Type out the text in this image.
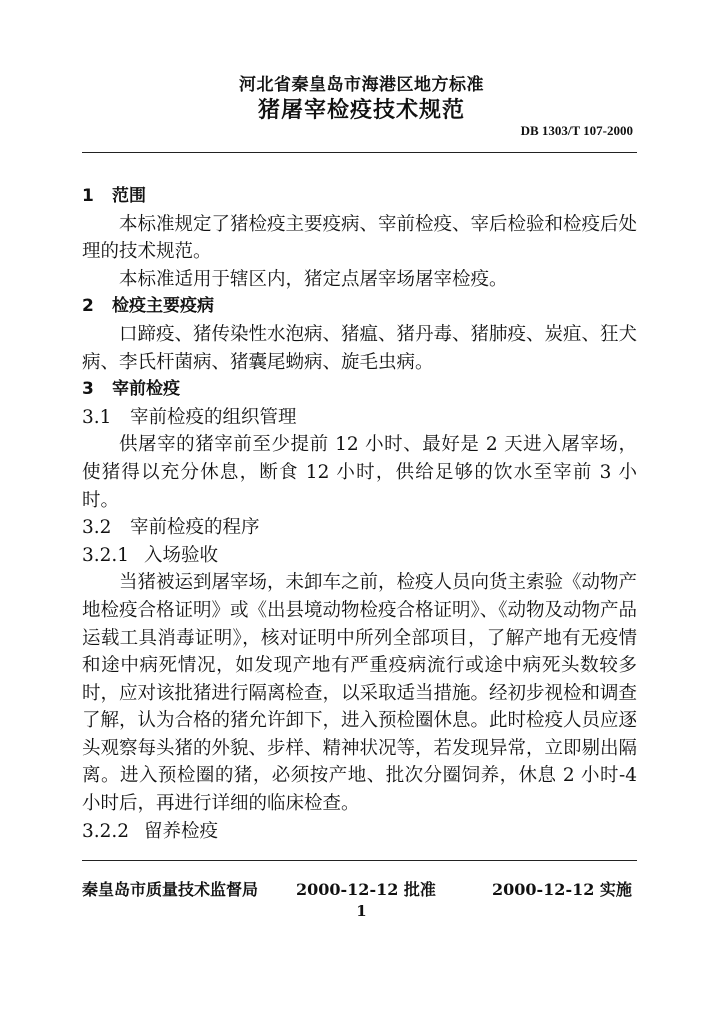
河北省秦皇岛市海港区地方标准
猪屠宰检疫技术规范
DB 1303/T 107-2000
1 范围
本标准规定了猪检疫主要疫病、宰前检疫、宰后检验和检疫后处理的技术规范。
本标准适用于辖区内，猪定点屠宰场屠宰检疫。
2 检疫主要疫病
口蹄疫、猪传染性水泡病、猪瘟、猪丹毒、猪肺疫、炭疽、狂犬病、李氏杆菌病、猪囊尾蚴病、旋毛虫病。
3 宰前检疫
3.1 宰前检疫的组织管理
供屠宰的猪宰前至少提前 12 小时、最好是 2 天进入屠宰场，使猪得以充分休息，断食 12 小时，供给足够的饮水至宰前 3 小时。
3.2 宰前检疫的程序
3.2.1 入场验收
当猪被运到屠宰场，未卸车之前，检疫人员向货主索验《动物产地检疫合格证明》或《出县境动物检疫合格证明》、《动物及动物产品运载工具消毒证明》，核对证明中所列全部项目，了解产地有无疫情和途中病死情况，如发现产地有严重疫病流行或途中病死头数较多时，应对该批猪进行隔离检查，以采取适当措施。经初步视检和调查了解，认为合格的猪允许卸下，进入预检圈休息。此时检疫人员应逐头观察每头猪的外貌、步样、精神状况等，若发现异常，立即剔出隔离。进入预检圈的猪，必须按产地、批次分圈饲养，休息 2 小时-4 小时后，再进行详细的临床检查。
3.2.2 留养检疫
秦皇岛市质量技术监督局 2000-12-12 批准	2000-12-12 实施
1
